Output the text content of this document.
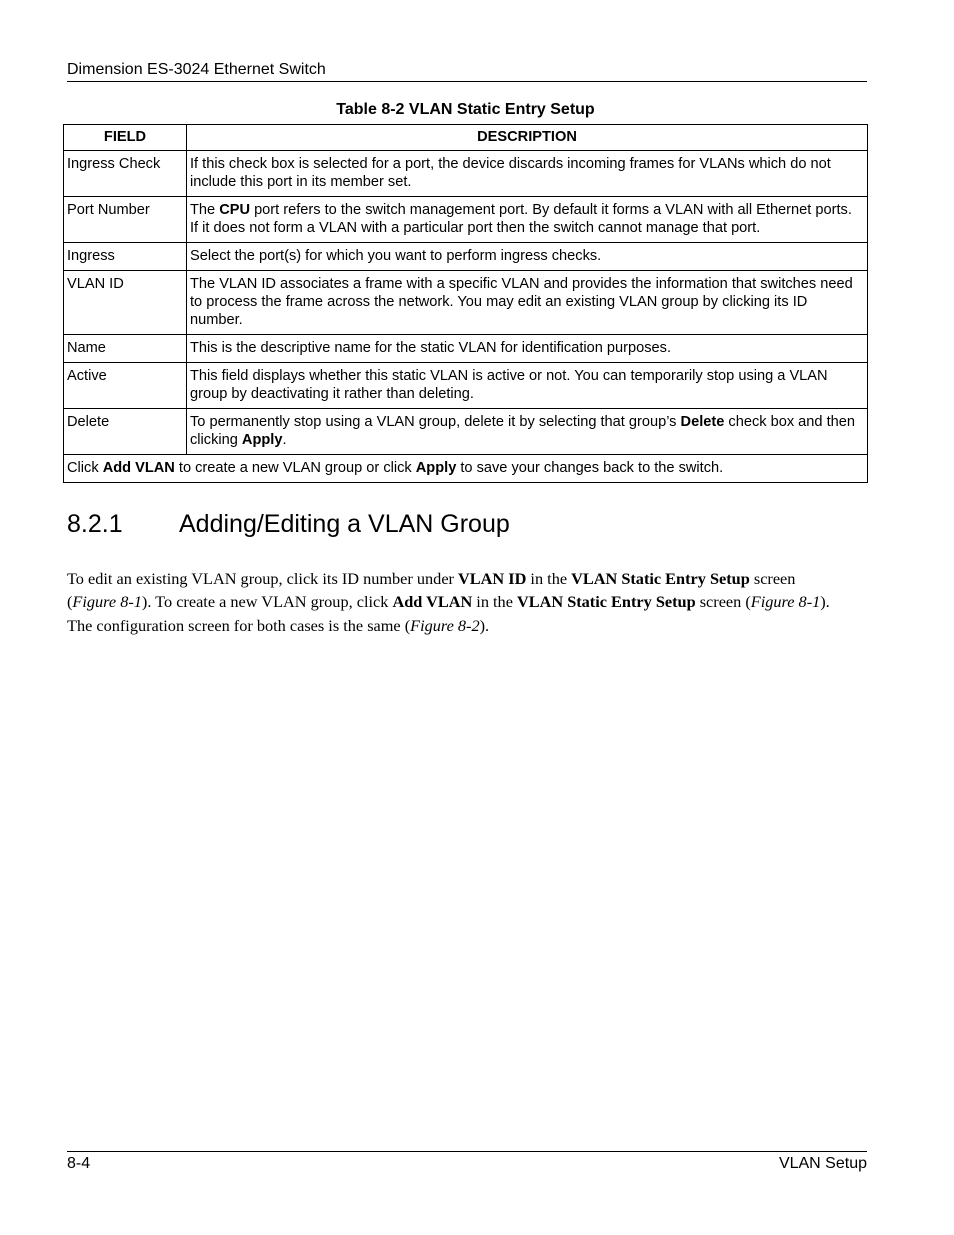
Dimension ES-3024 Ethernet Switch
Table 8-2 VLAN Static Entry Setup
FIELD	DESCRIPTION
Ingress Check	If this check box is selected for a port, the device discards incoming frames for VLANs which do not include this port in its member set.
Port Number	The CPU port refers to the switch management port. By default it forms a VLAN with all Ethernet ports. If it does not form a VLAN with a particular port then the switch cannot manage that port.
Ingress	Select the port(s) for which you want to perform ingress checks.
VLAN ID	The VLAN ID associates a frame with a specific VLAN and provides the information that switches need to process the frame across the network. You may edit an existing VLAN group by clicking its ID number.
Name	This is the descriptive name for the static VLAN for identification purposes.
Active	This field displays whether this static VLAN is active or not. You can temporarily stop using a VLAN group by deactivating it rather than deleting.
Delete	To permanently stop using a VLAN group, delete it by selecting that group’s Delete check box and then clicking Apply.
Click Add VLAN to create a new VLAN group or click Apply to save your changes back to the switch.	
8.2.1 Adding/Editing a VLAN Group
To edit an existing VLAN group, click its ID number under VLAN ID in the VLAN Static Entry Setup screen (Figure 8-1). To create a new VLAN group, click Add VLAN in the VLAN Static Entry Setup screen (Figure 8-1). The configuration screen for both cases is the same (Figure 8-2).
8-4	VLAN Setup
